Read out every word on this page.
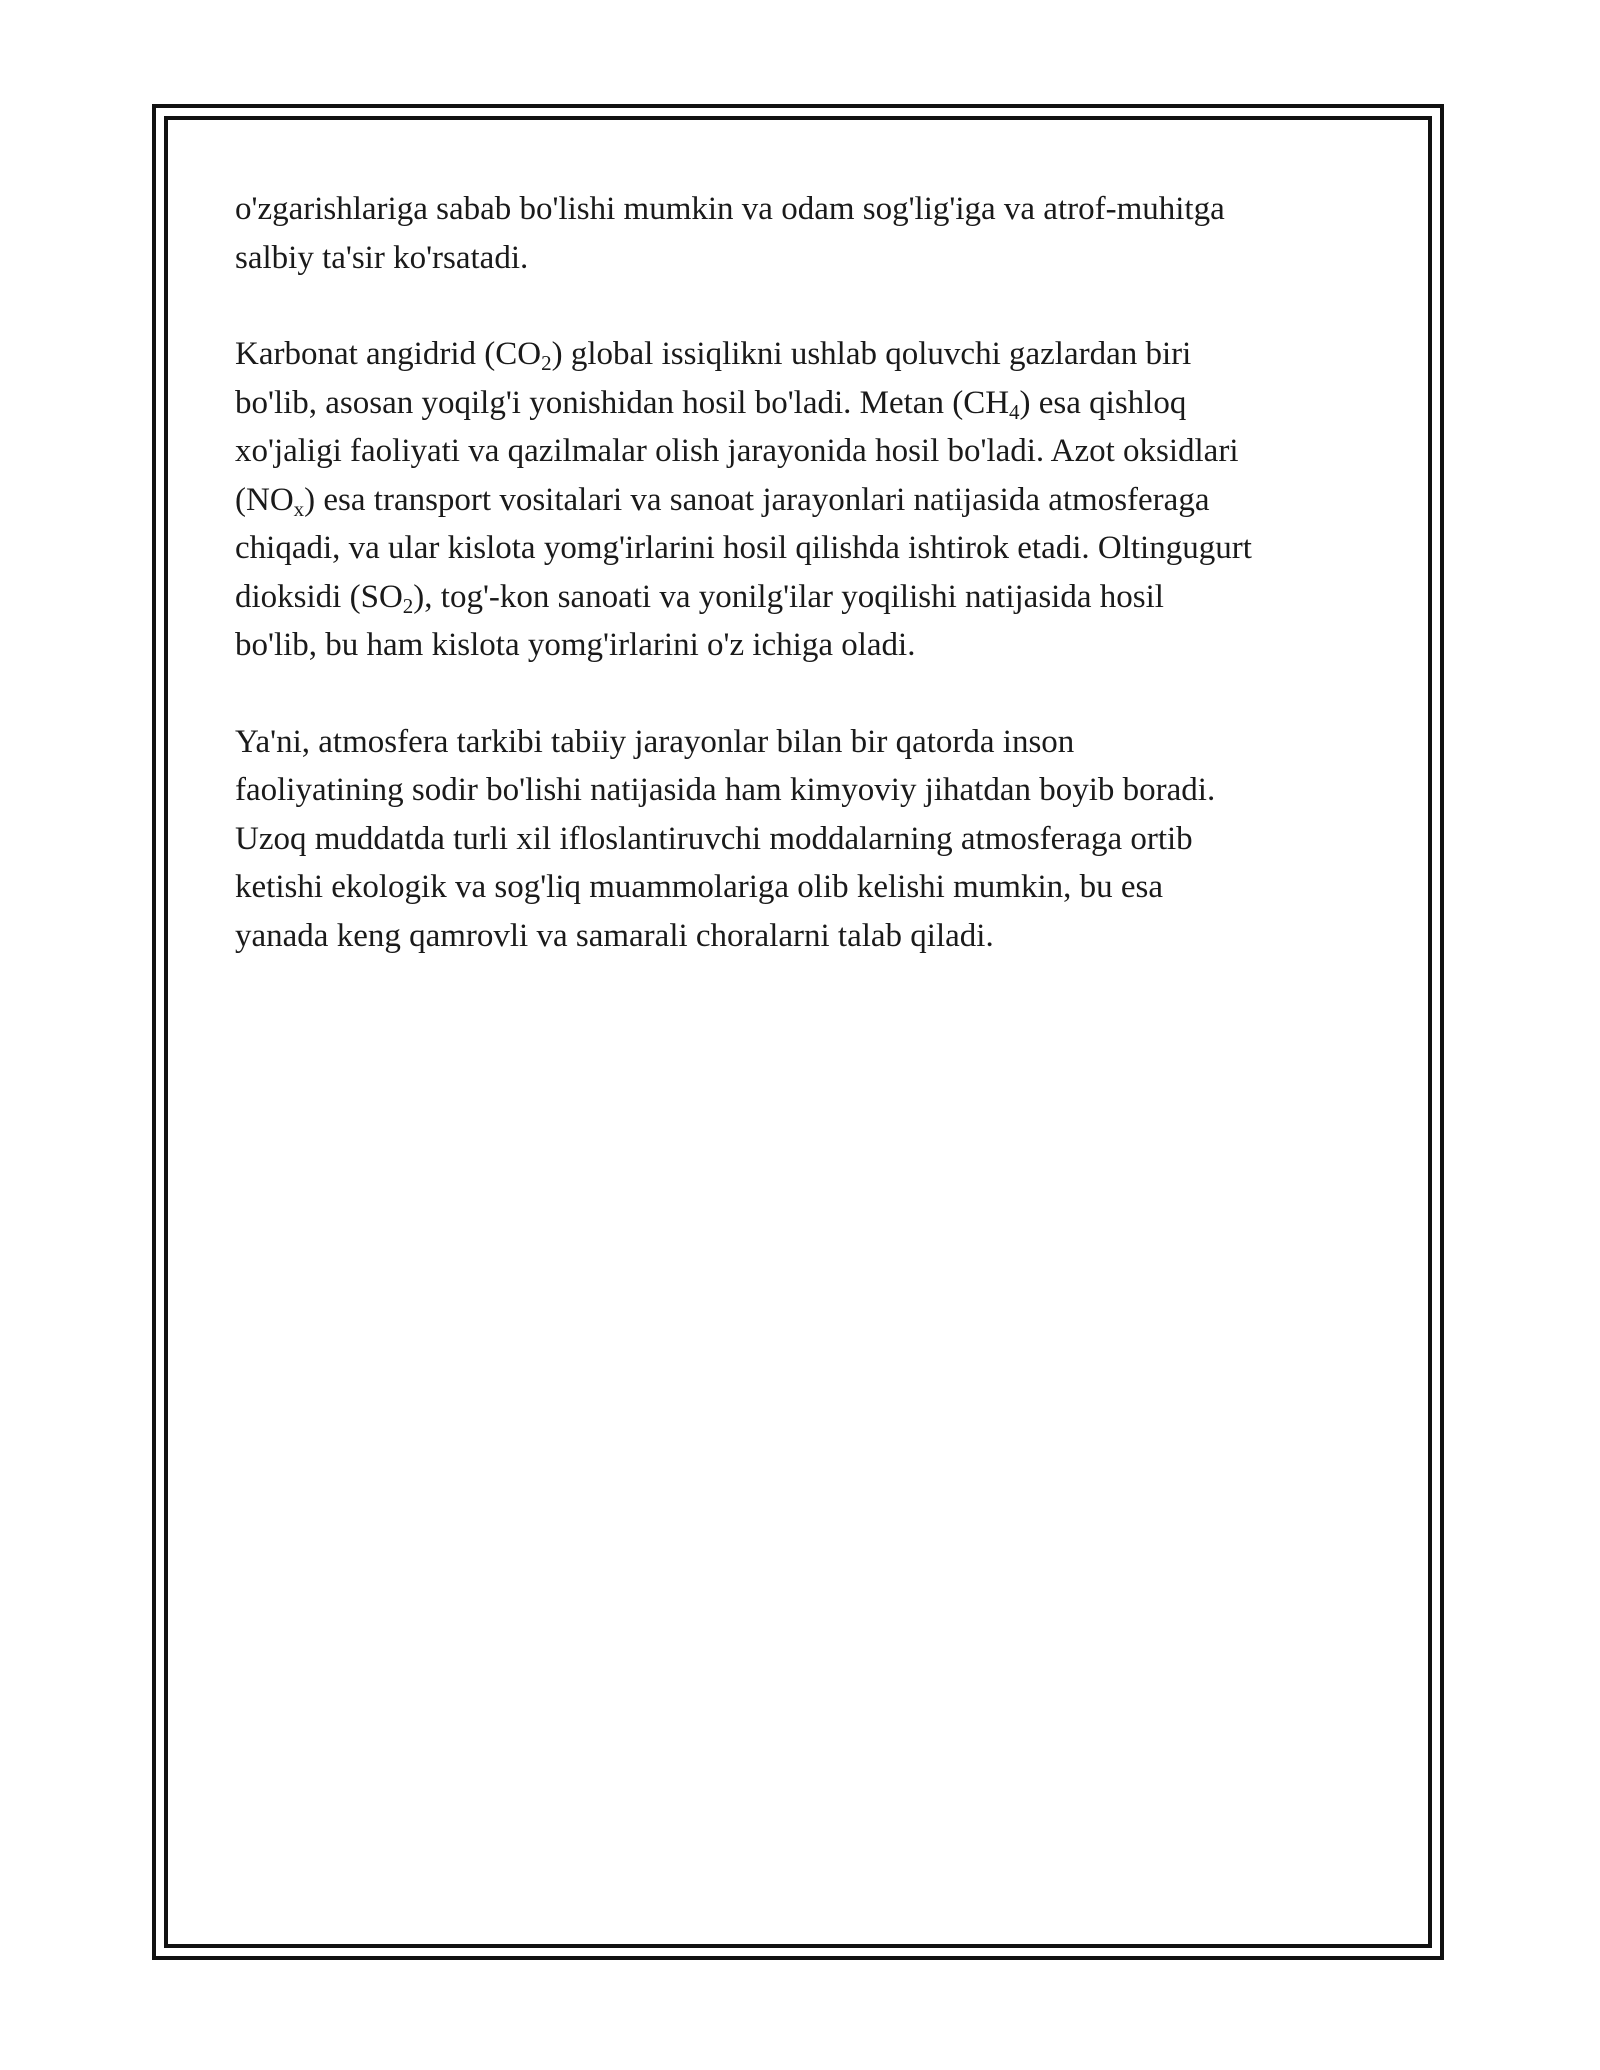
o'zgarishlariga sabab bo'lishi mumkin va odam sog'lig'iga va atrof-muhitga
salbiy ta'sir ko'rsatadi.

Karbonat angidrid $(CO_2)$ global issiqlikni ushlab qoluvchi gazlardan biri
bo'lib, asosan yoqilg'i yonishidan hosil bo'ladi. Metan $(CH_4)$ esa qishloq
xo'jaligi faoliyati va qazilmalar olish jarayonida hosil bo'ladi. Azot oksidlari
$(NO_x)$ esa transport vositalari va sanoat jarayonlari natijasida atmosferaga
chiqadi, va ular kislota yomg'irlarini hosil qilishda ishtirok etadi. Oltingugurt
dioksidi $(SO_2)$, tog'-kon sanoati va yonilg'ilar yoqilishi natijasida hosil
bo'lib, bu ham kislota yomg'irlarini o'z ichiga oladi.

Ya'ni, atmosfera tarkibi tabiiy jarayonlar bilan bir qatorda inson
faoliyatining sodir bo'lishi natijasida ham kimyoviy jihatdan boyib boradi.
Uzoq muddatda turli xil ifloslantiruvchi moddalarning atmosferaga ortib
ketishi ekologik va sog'liq muammolariga olib kelishi mumkin, bu esa
yanada keng qamrovli va samarali choralarni talab qiladi.
